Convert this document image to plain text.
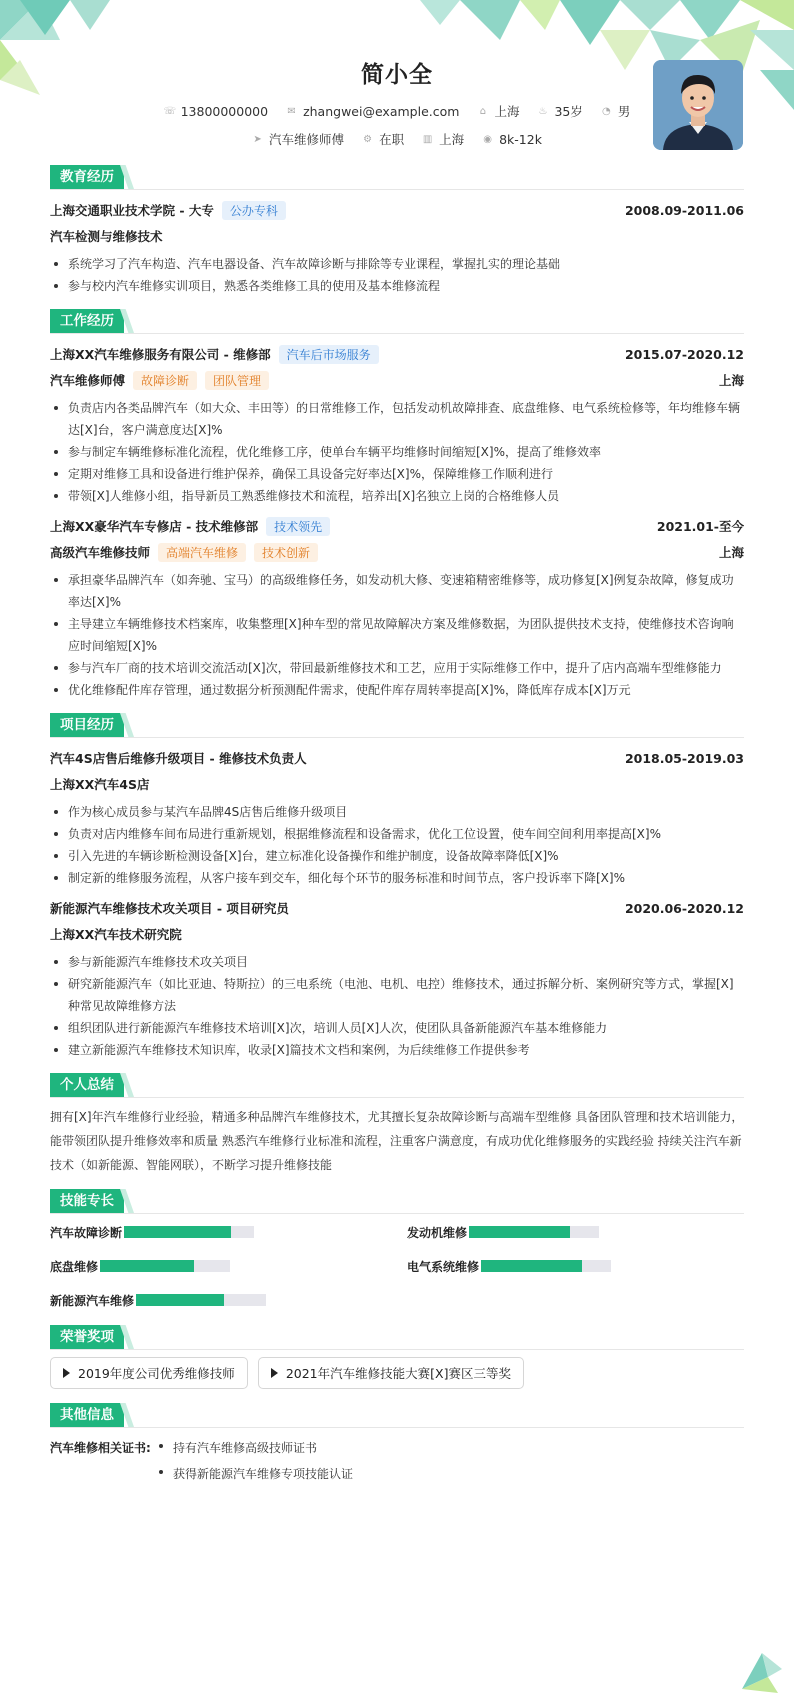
简小全
☏ 13800000000 ✉ zhangwei@example.com ⌂ 上海 ♨ 35岁 ◔ 男
➤ 汽车维修师傅 ⚙ 在职 ▥ 上海 ◉ 8k-12k
教育经历
上海交通职业技术学院 - 大专	公办专科	2008.09-2011.06
汽车检测与维修技术
系统学习了汽车构造、汽车电器设备、汽车故障诊断与排除等专业课程，掌握扎实的理论基础
参与校内汽车维修实训项目，熟悉各类维修工具的使用及基本维修流程
工作经历
上海XX汽车维修服务有限公司 - 维修部	汽车后市场服务	2015.07-2020.12
汽车维修师傅	故障诊断	团队管理	上海
负责店内各类品牌汽车（如大众、丰田等）的日常维修工作，包括发动机故障排查、底盘维修、电气系统检修等，年均维修车辆达[X]台，客户满意度达[X]%
参与制定车辆维修标准化流程，优化维修工序，使单台车辆平均维修时间缩短[X]%，提高了维修效率
定期对维修工具和设备进行维护保养，确保工具设备完好率达[X]%，保障维修工作顺利进行
带领[X]人维修小组，指导新员工熟悉维修技术和流程，培养出[X]名独立上岗的合格维修人员
上海XX豪华汽车专修店 - 技术维修部	技术领先	2021.01-至今
高级汽车维修技师	高端汽车维修	技术创新	上海
承担豪华品牌汽车（如奔驰、宝马）的高级维修任务，如发动机大修、变速箱精密维修等，成功修复[X]例复杂故障，修复成功率达[X]%
主导建立车辆维修技术档案库，收集整理[X]种车型的常见故障解决方案及维修数据，为团队提供技术支持，使维修技术咨询响应时间缩短[X]%
参与汽车厂商的技术培训交流活动[X]次，带回最新维修技术和工艺，应用于实际维修工作中，提升了店内高端车型维修能力
优化维修配件库存管理，通过数据分析预测配件需求，使配件库存周转率提高[X]%，降低库存成本[X]万元
项目经历
汽车4S店售后维修升级项目 - 维修技术负责人	2018.05-2019.03
上海XX汽车4S店
作为核心成员参与某汽车品牌4S店售后维修升级项目
负责对店内维修车间布局进行重新规划，根据维修流程和设备需求，优化工位设置，使车间空间利用率提高[X]%
引入先进的车辆诊断检测设备[X]台，建立标准化设备操作和维护制度，设备故障率降低[X]%
制定新的维修服务流程，从客户接车到交车，细化每个环节的服务标准和时间节点，客户投诉率下降[X]%
新能源汽车维修技术攻关项目 - 项目研究员	2020.06-2020.12
上海XX汽车技术研究院
参与新能源汽车维修技术攻关项目
研究新能源汽车（如比亚迪、特斯拉）的三电系统（电池、电机、电控）维修技术，通过拆解分析、案例研究等方式，掌握[X]种常见故障维修方法
组织团队进行新能源汽车维修技术培训[X]次，培训人员[X]人次，使团队具备新能源汽车基本维修能力
建立新能源汽车维修技术知识库，收录[X]篇技术文档和案例，为后续维修工作提供参考
个人总结
拥有[X]年汽车维修行业经验，精通多种品牌汽车维修技术，尤其擅长复杂故障诊断与高端车型维修 具备团队管理和技术培训能力，
能带领团队提升维修效率和质量 熟悉汽车维修行业标准和流程，注重客户满意度，有成功优化维修服务的实践经验 持续关注汽车新
技术（如新能源、智能网联），不断学习提升维修技能
技能专长
汽车故障诊断	发动机维修
底盘维修	电气系统维修
新能源汽车维修
荣誉奖项
2019年度公司优秀维修技师	2021年汽车维修技能大赛[X]赛区三等奖
其他信息
汽车维修相关证书:	持有汽车维修高级技师证书
获得新能源汽车维修专项技能认证
